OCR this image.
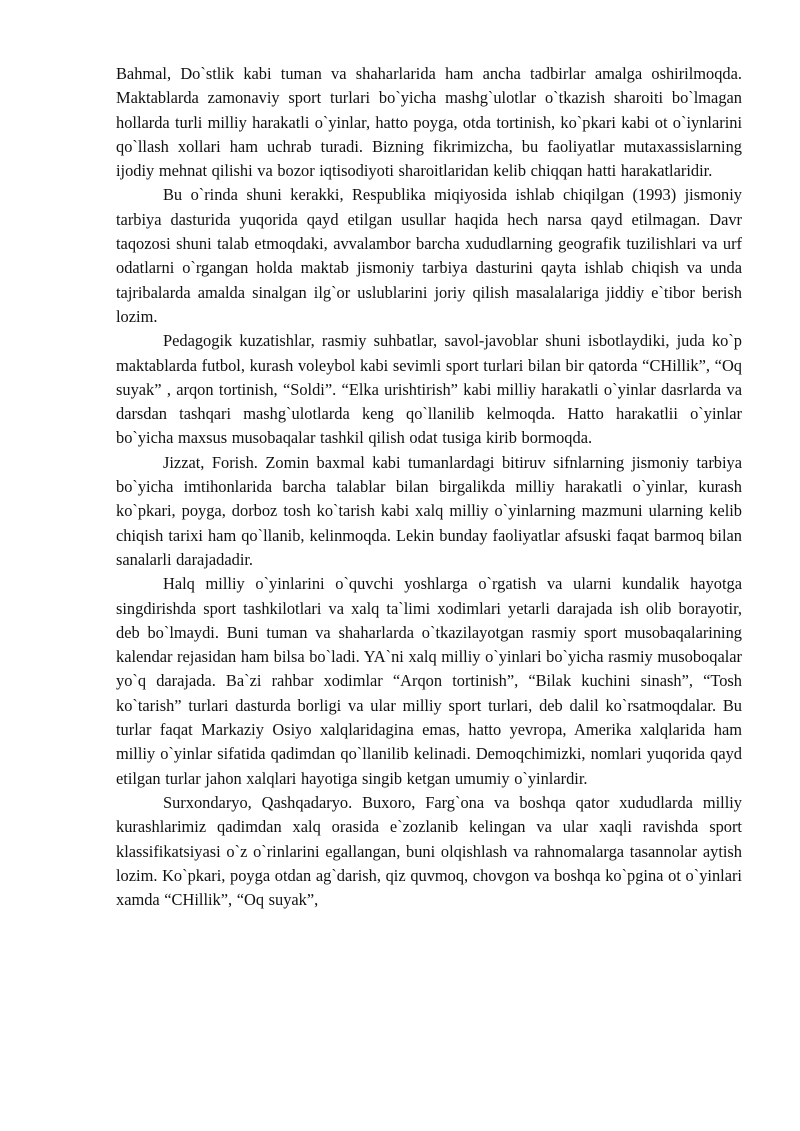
Bahmal, Do`stlik kabi tuman va shaharlarida ham ancha tadbirlar amalga oshirilmoqda. Maktablarda zamonaviy sport turlari bo`yicha mashg`ulotlar o`tkazish sharoiti bo`lmagan hollarda turli milliy harakatli o`yinlar, hatto poyga, otda tortinish, ko`pkari kabi ot o`iynlarini qo`llash xollari ham uchrab turadi. Bizning fikrimizcha, bu faoliyatlar mutaxassislarning ijodiy mehnat qilishi va bozor iqtisodiyoti sharoitlaridan kelib chiqqan hatti harakatlaridir.

Bu o`rinda shuni kerakki, Respublika miqiyosida ishlab chiqilgan (1993) jismoniy tarbiya dasturida yuqorida qayd etilgan usullar haqida hech narsa qayd etilmagan. Davr taqozosi shuni talab etmoqdaki, avvalambor barcha xududlarning geografik tuzilishlari va urf odatlarni o`rgangan holda maktab jismoniy tarbiya dasturini qayta ishlab chiqish va unda tajribalarda amalda sinalgan ilg`or uslublarini joriy qilish masalalariga jiddiy e`tibor berish lozim.

Pedagogik kuzatishlar, rasmiy suhbatlar, savol-javoblar shuni isbotlaydiki, juda ko`p maktablarda futbol, kurash voleybol kabi sevimli sport turlari bilan bir qatorda “CHillik”, “Oq suyak” , arqon tortinish, “Soldi”. “Elka urishtirish” kabi milliy harakatli o`yinlar dasrlarda va darsdan tashqari mashg`ulotlarda keng qo`llanilib kelmoqda. Hatto harakatlii o`yinlar bo`yicha maxsus musobaqalar tashkil qilish odat tusiga kirib bormoqda.

Jizzat, Forish. Zomin baxmal kabi tumanlardagi bitiruv sifnlarning jismoniy tarbiya bo`yicha imtihonlarida barcha talablar bilan birgalikda milliy harakatli o`yinlar, kurash ko`pkari, poyga, dorboz tosh ko`tarish kabi xalq milliy o`yinlarning mazmuni ularning kelib chiqish tarixi ham qo`llanib, kelinmoqda. Lekin bunday faoliyatlar afsuski faqat barmoq bilan sanalarli darajadadir.

Halq milliy o`yinlarini o`quvchi yoshlarga o`rgatish va ularni kundalik hayotga singdirishda sport tashkilotlari va xalq ta`limi xodimlari yetarli darajada ish olib borayotir, deb bo`lmaydi. Buni tuman va shaharlarda o`tkazilayotgan rasmiy sport musobaqalarining kalendar rejasidan ham bilsa bo`ladi. YA`ni xalq milliy o`yinlari bo`yicha rasmiy musoboqalar yo`q darajada. Ba`zi rahbar xodimlar “Arqon tortinish”, “Bilak kuchini sinash”, “Tosh ko`tarish” turlari dasturda borligi va ular milliy sport turlari, deb dalil ko`rsatmoqdalar. Bu turlar faqat Markaziy Osiyo xalqlaridagina emas, hatto yevropa, Amerika xalqlarida ham milliy o`yinlar sifatida qadimdan qo`llanilib kelinadi. Demoqchimizki, nomlari yuqorida qayd etilgan turlar jahon xalqlari hayotiga singib ketgan umumiy o`yinlardir.

Surxondaryo, Qashqadaryo. Buxoro, Farg`ona va boshqa qator xududlarda milliy kurashlarimiz qadimdan xalq orasida e`zozlanib kelingan va ular xaqli ravishda sport klassifikatsiyasi o`z o`rinlarini egallangan, buni olqishlash va rahnomalarga tasannolar aytish lozim. Ko`pkari, poyga otdan ag`darish, qiz quvmoq, chovgon va boshqa ko`pgina ot o`yinlari xamda “CHillik”, “Oq suyak”,
